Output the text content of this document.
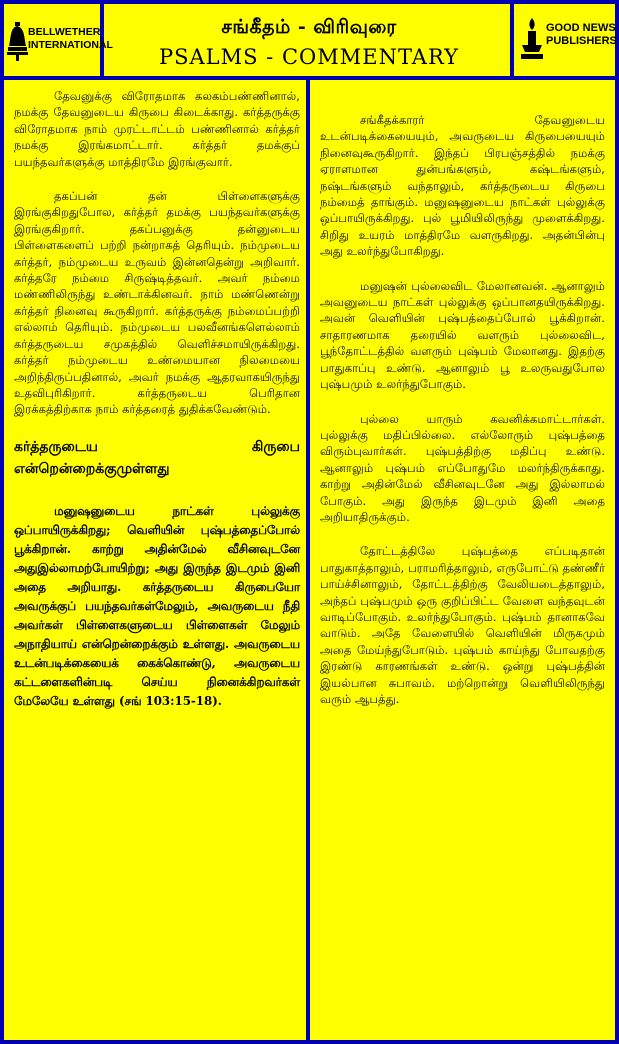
BELLWETHER
INTERNATIONAL
சங்கீதம் - விரிவுரை
PSALMS - COMMENTARY
GOOD NEWS
PUBLISHERS

தேவனுக்கு விரோதமாக கலகம்பண்ணினால், நமக்கு தேவனுடைய கிருபை கிடைக்காது. கர்த்தருக்கு விரோதமாக நாம் முரட்டாட்டம் பண்ணினால் கர்த்தர் நமக்கு இரங்கமாட்டார். கர்த்தர் தமக்குப் பயந்தவர்களுக்கு மாத்திரமே இரங்குவார்.

தகப்பன் தன் பிள்ளைகளுக்கு இரங்குகிறதுபோல, கர்த்தர் தமக்கு பயந்தவர்களுக்கு இரங்குகிறார். தகப்பனுக்கு தன்னுடைய பிள்ளைகளைப் பற்றி நன்றாகத் தெரியும். நம்முடைய கர்த்தர், நம்முடைய உருவம் இன்னதென்று அறிவார். கர்த்தரே நம்மை சிருஷ்டித்தவர். அவர் நம்மை மண்ணிலிருந்து உண்டாக்கினவர். நாம் மண்ணென்று கர்த்தர் நினைவு கூருகிறார். கர்த்தருக்கு நம்மைப்பற்றி எல்லாம் தெரியும். நம்முடைய பலவீனங்களெல்லாம் கர்த்தருடைய சமுகத்தில் வெளிச்சமாயிருக்கிறது. கர்த்தர் நம்முடைய உண்மையான நிலமையை அறிந்திருப்பதினால், அவர் நமக்கு ஆதரவாகயிருந்து உதவிபுரிகிறார். கர்த்தருடைய பெரிதான இரக்கத்திற்காக நாம் கர்த்தரைத் துதிக்கவேண்டும்.

கர்த்தருடைய கிருபை என்றென்றைக்குமுள்ளது
மனுஷனுடைய நாட்கள் புல்லுக்கு ஒப்பாயிருக்கிறது; வெளியின் புஷ்பத்தைப்போல் பூக்கிறான். காற்று அதின்மேல் வீசினவுடனே அதுஇல்லாமற்போயிற்று; அது இருந்த இடமும் இனி அதை அறியாது. கர்த்தருடைய கிருபையோ அவருக்குப் பயந்தவர்கள்மேலும், அவருடைய நீதி அவர்கள் பிள்ளைகளுடைய பிள்ளைகள் மேலும் அநாதியாய் என்றென்றைக்கும் உள்ளது. அவருடைய உடன்படிக்கையைக் கைக்கொண்டு, அவருடைய கட்டளைகளின்படி செய்ய நினைக்கிறவர்கள் மேலேயே உள்ளது (சங் 103:15-18).

சங்கீதக்காரர் தேவனுடைய உடன்படிக்கையையும், அவருடைய கிருபையையும் நினைவுகூருகிறார். இந்தப் பிரபஞ்சத்தில் நமக்கு ஏராளமான துன்பங்களும், கஷ்டங்களும், நஷ்டங்களும் வந்தாலும், கர்த்தருடைய கிருபை நம்மைத் தாங்கும். மனுஷனுடைய நாட்கள் புல்லுக்கு ஒப்பாயிருக்கிறது. புல் பூமியிலிருந்து முளைக்கிறது. சிறிது உயரம் மாத்திரமே வளருகிறது. அதன்பின்பு அது உலர்ந்துபோகிறது.

மனுஷன் புல்லைவிட மேலானவன். ஆனாலும் அவனுடைய நாட்கள் புல்லுக்கு ஒப்பானதயிருக்கிறது. அவன் வெளியின் புஷ்பத்தைப்போல் பூக்கிறான். சாதாரணமாக தரையில் வளரும் புல்லைவிட, பூந்தோட்டத்தில் வளரும் புஷ்பம் மேலானது. இதற்கு பாதுகாப்பு உண்டு. ஆனாலும் பூ உலருவதுபோல புஷ்பமும் உலர்ந்துபோகும்.

புல்லை யாரும் கவனிக்கமாட்டார்கள். புல்லுக்கு மதிப்பில்லை. எல்லோரும் புஷ்பத்தை விரும்புவார்கள். புஷ்பத்திற்கு மதிப்பு உண்டு. ஆனாலும் புஷ்பம் எப்போதுமே மலர்ந்திருக்காது. காற்று அதின்மேல் வீசினவுடனே அது இல்லாமல் போகும். அது இருந்த இடமும் இனி அதை அறியாதிருக்கும்.

தோட்டத்திலே புஷ்பத்தை எப்படிதான் பாதுகாத்தாலும், பராமரித்தாலும், எருபோட்டு தண்ணீர் பாய்ச்சினாலும், தோட்டத்திற்கு வேலியடைத்தாலும், அந்தப் புஷ்பமும் ஒரு குறிப்பிட்ட வேளை வந்தவுடன் வாடிப்போகும். உலர்ந்துபோகும். புஷ்பம் தானாகவே வாடும். அதே வேளையில் வெளியின் மிருகமும் அதை மேய்ந்துபோடும். புஷ்பம் காய்ந்து போவதற்கு இரண்டு காரணங்கள் உண்டு. ஒன்று புஷ்பத்தின் இயல்பான சுபாவம். மற்றொன்று வெளியிலிருந்து வரும் ஆபத்து.
